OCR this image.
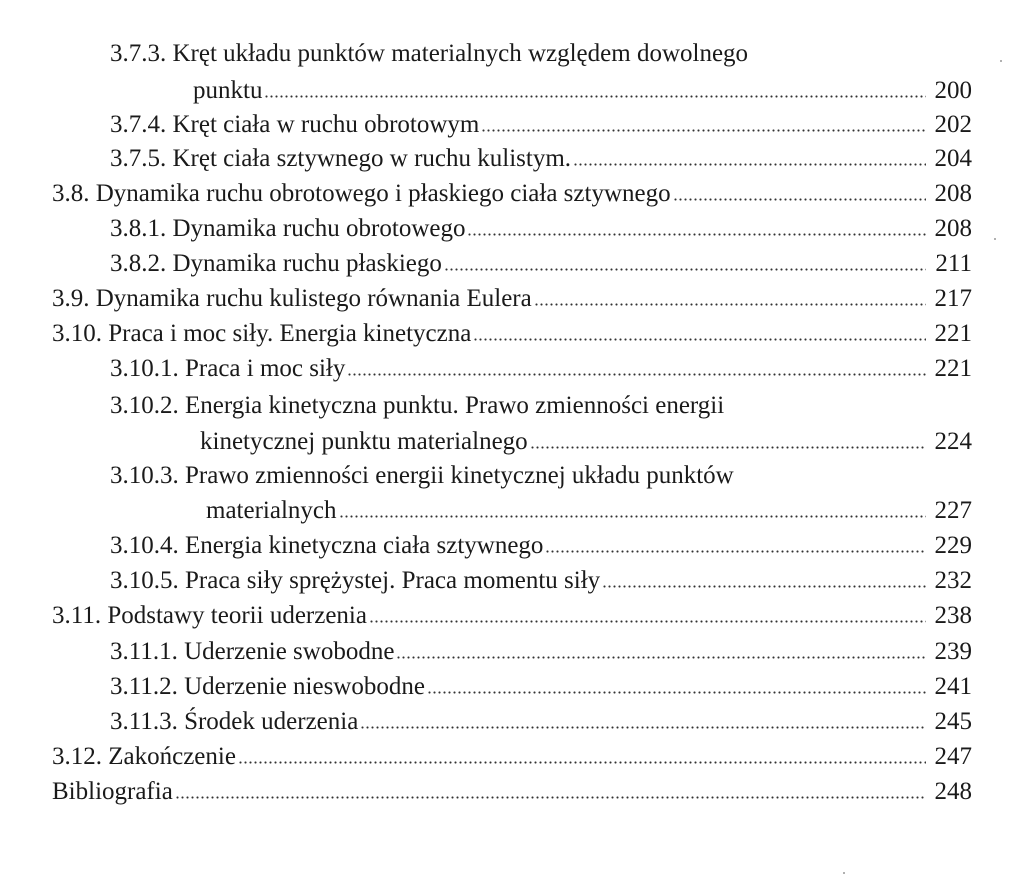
3.7.3. Kręt układu punktów materialnych względem dowolnego
punktu	200
3.7.4. Kręt ciała w ruchu obrotowym	202
3.7.5. Kręt ciała sztywnego w ruchu kulistym.	204
3.8. Dynamika ruchu obrotowego i płaskiego ciała sztywnego	208
3.8.1. Dynamika ruchu obrotowego	208
3.8.2. Dynamika ruchu płaskiego	211
3.9. Dynamika ruchu kulistego równania Eulera	217
3.10. Praca i moc siły. Energia kinetyczna	221
3.10.1. Praca i moc siły	221
3.10.2. Energia kinetyczna punktu. Prawo zmienności energii
kinetycznej punktu materialnego	224
3.10.3. Prawo zmienności energii kinetycznej układu punktów
materialnych	227
3.10.4. Energia kinetyczna ciała sztywnego	229
3.10.5. Praca siły sprężystej. Praca momentu siły	232
3.11. Podstawy teorii uderzenia	238
3.11.1. Uderzenie swobodne	239
3.11.2. Uderzenie nieswobodne	241
3.11.3. Środek uderzenia	245
3.12. Zakończenie	247
Bibliografia	248
